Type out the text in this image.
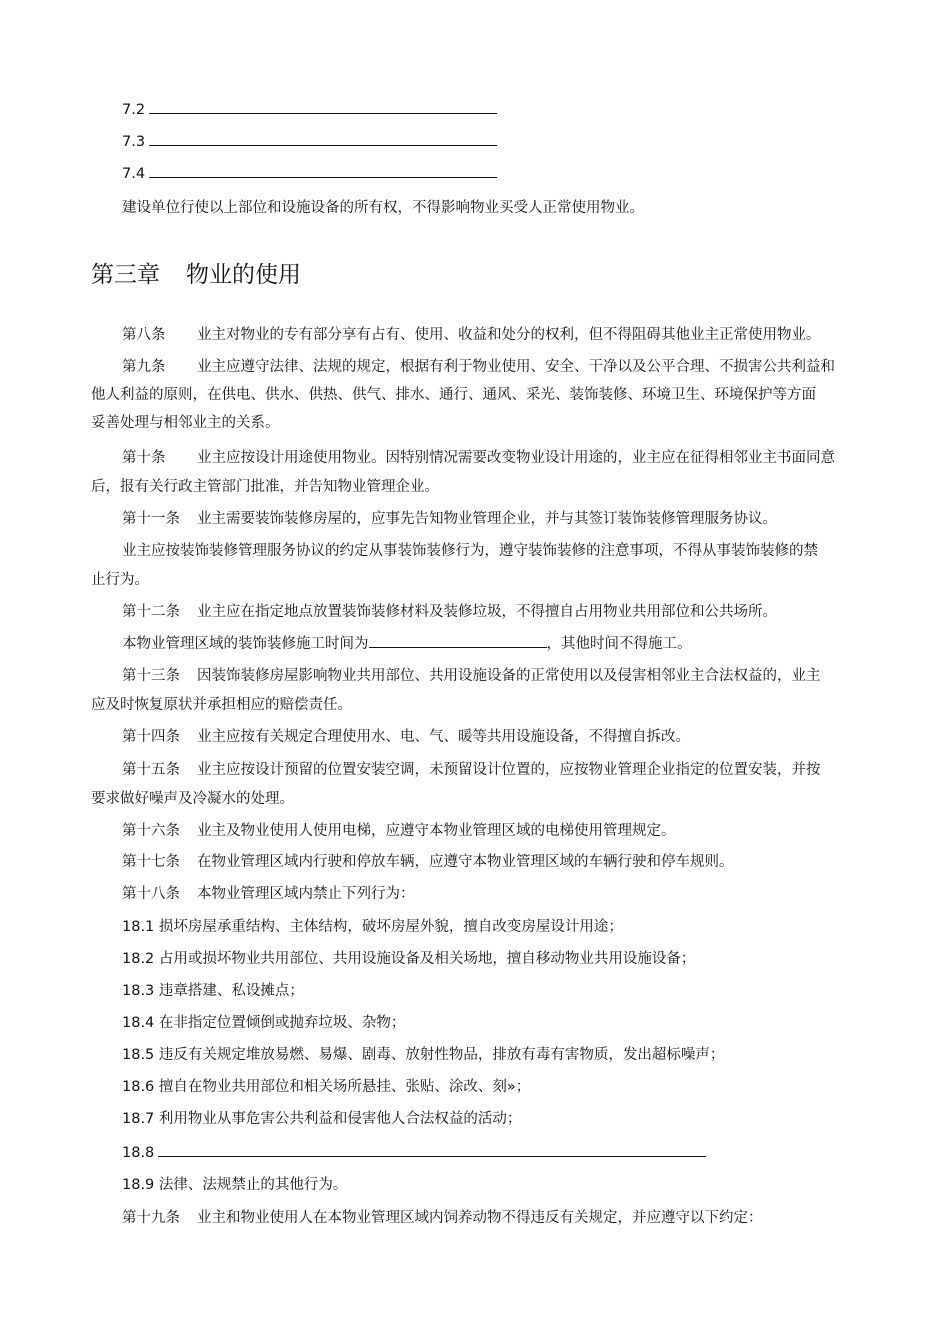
7.2
7.3
7.4
建设单位行使以上部位和设施设备的所有权，不得影响物业买受人正常使用物业。
第三章 物业的使用
第八条 业主对物业的专有部分享有占有、使用、收益和处分的权利，但不得阻碍其他业主正常使用物业。
第九条 业主应遵守法律、法规的规定，根据有利于物业使用、安全、干净以及公平合理、不损害公共利益和
他人利益的原则，在供电、供水、供热、供气、排水、通行、通风、采光、装饰装修、环境卫生、环境保护等方面
妥善处理与相邻业主的关系。
第十条 业主应按设计用途使用物业。因特别情况需要改变物业设计用途的，业主应在征得相邻业主书面同意
后，报有关行政主管部门批准，并告知物业管理企业。
第十一条 业主需要装饰装修房屋的，应事先告知物业管理企业，并与其签订装饰装修管理服务协议。
业主应按装饰装修管理服务协议的约定从事装饰装修行为，遵守装饰装修的注意事项，不得从事装饰装修的禁
止行为。
第十二条 业主应在指定地点放置装饰装修材料及装修垃圾，不得擅自占用物业共用部位和公共场所。
本物业管理区域的装饰装修施工时间为	，其他时间不得施工。
第十三条 因装饰装修房屋影响物业共用部位、共用设施设备的正常使用以及侵害相邻业主合法权益的，业主
应及时恢复原状并承担相应的赔偿责任。
第十四条 业主应按有关规定合理使用水、电、气、暖等共用设施设备，不得擅自拆改。
第十五条 业主应按设计预留的位置安装空调，未预留设计位置的，应按物业管理企业指定的位置安装，并按
要求做好噪声及冷凝水的处理。
第十六条 业主及物业使用人使用电梯，应遵守本物业管理区域的电梯使用管理规定。
第十七条 在物业管理区域内行驶和停放车辆，应遵守本物业管理区域的车辆行驶和停车规则。
第十八条 本物业管理区域内禁止下列行为：
18.1 损坏房屋承重结构、主体结构，破坏房屋外貌，擅自改变房屋设计用途；
18.2 占用或损坏物业共用部位、共用设施设备及相关场地，擅自移动物业共用设施设备；
18.3 违章搭建、私设摊点；
18.4 在非指定位置倾倒或抛弃垃圾、杂物；
18.5 违反有关规定堆放易燃、易爆、剧毒、放射性物品，排放有毒有害物质，发出超标噪声；
18.6 擅自在物业共用部位和相关场所悬挂、张贴、涂改、刻»；
18.7 利用物业从事危害公共利益和侵害他人合法权益的活动；
18.8
18.9 法律、法规禁止的其他行为。
第十九条 业主和物业使用人在本物业管理区域内饲养动物不得违反有关规定，并应遵守以下约定：
